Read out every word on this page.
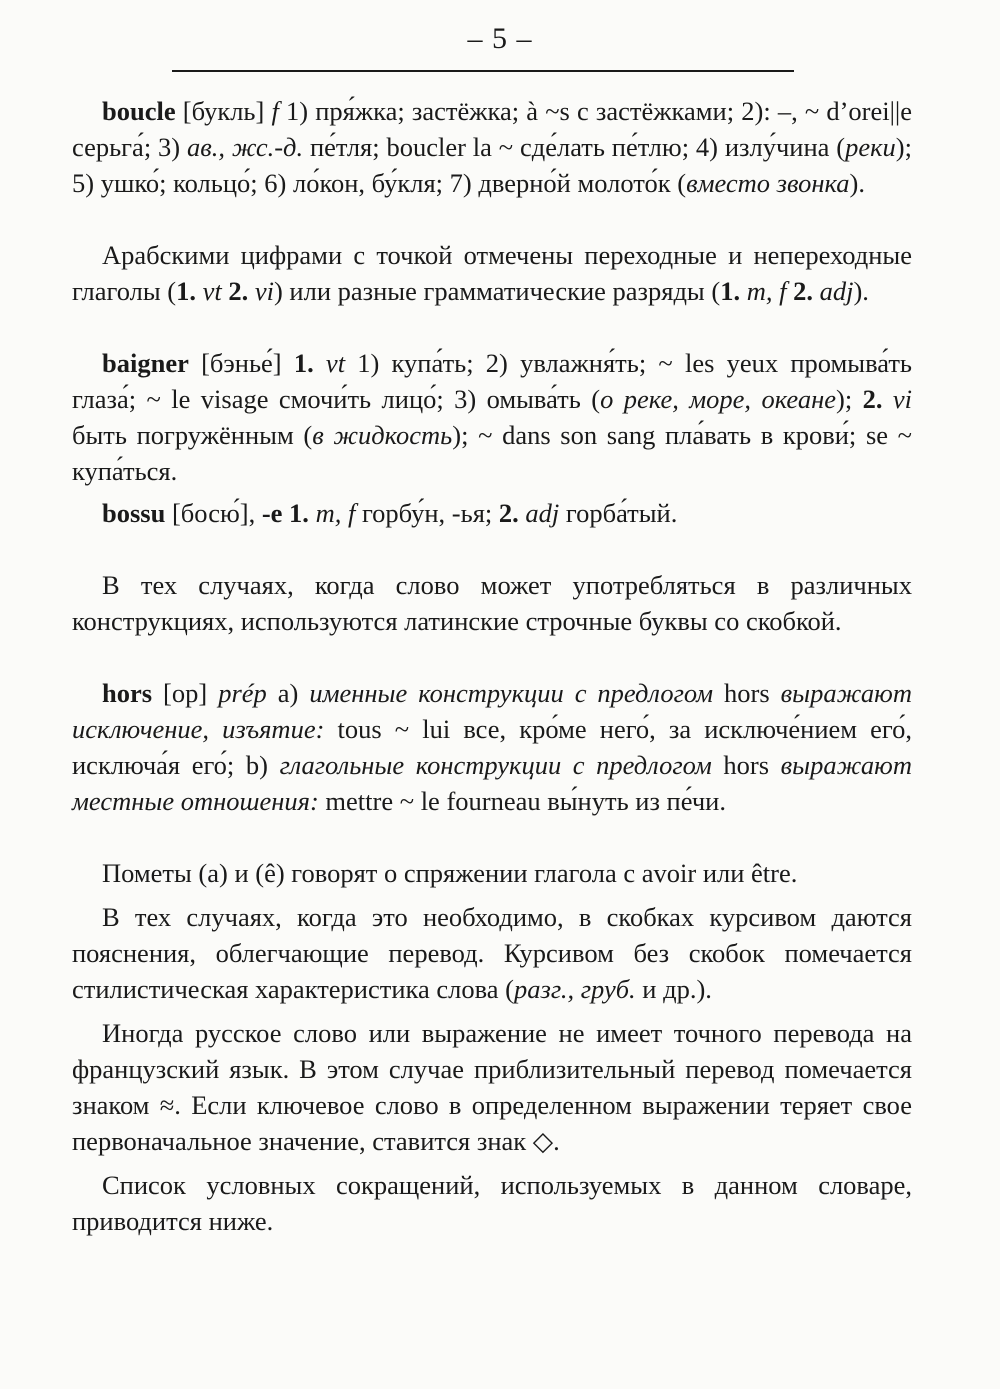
– 5 –

boucle [букль] f 1) пря́жка; застёжка; à ~s с застёжками; 2): –, ~ d’orei||e серьга́; 3) ав., жс.-д. пе́тля; boucler la ~ сде́лать пе́тлю; 4) излу́чина (реки); 5) ушко́; кольцо́; 6) ло́кон, бу́кля; 7) дверно́й молото́к (вместо звонка).

Арабскими цифрами с точкой отмечены переходные и непереходные глаголы (1. vt 2. vi) или разные грамматические разряды (1. m, f 2. adj).

baigner [бэнье́] 1. vt 1) купа́ть; 2) увлажня́ть; ~ les yeux промыва́ть глаза́; ~ le visage смочи́ть лицо́; 3) омыва́ть (о реке, море, океане); 2. vi быть погружённым (в жидкость); ~ dans son sang пла́вать в крови́; se ~ купа́ться.

bossu [босю́], -e 1. m, f горбу́н, -ья; 2. adj горба́тый.

В тех случаях, когда слово может употребляться в различных конструкциях, используются латинские строчные буквы со скобкой.

hors [ор] prép a) именные конструкции с предлогом hors выражают исключение, изъятие: tous ~ lui все, кро́ме него́, за исключе́нием его́, исключа́я его́; b) глагольные конструкции с предлогом hors выражают местные отношения: mettre ~ le fourneau вы́нуть из пе́чи.

Пометы (a) и (ê) говорят о спряжении глагола с avoir или être.

В тех случаях, когда это необходимо, в скобках курсивом даются пояснения, облегчающие перевод. Курсивом без скобок помечается стилистическая характеристика слова (разг., груб. и др.).

Иногда русское слово или выражение не имеет точного перевода на французский язык. В этом случае приблизительный перевод помечается знаком ≈. Если ключевое слово в определенном выражении теряет свое первоначальное значение, ставится знак ◇.

Список условных сокращений, используемых в данном словаре, приводится ниже.
